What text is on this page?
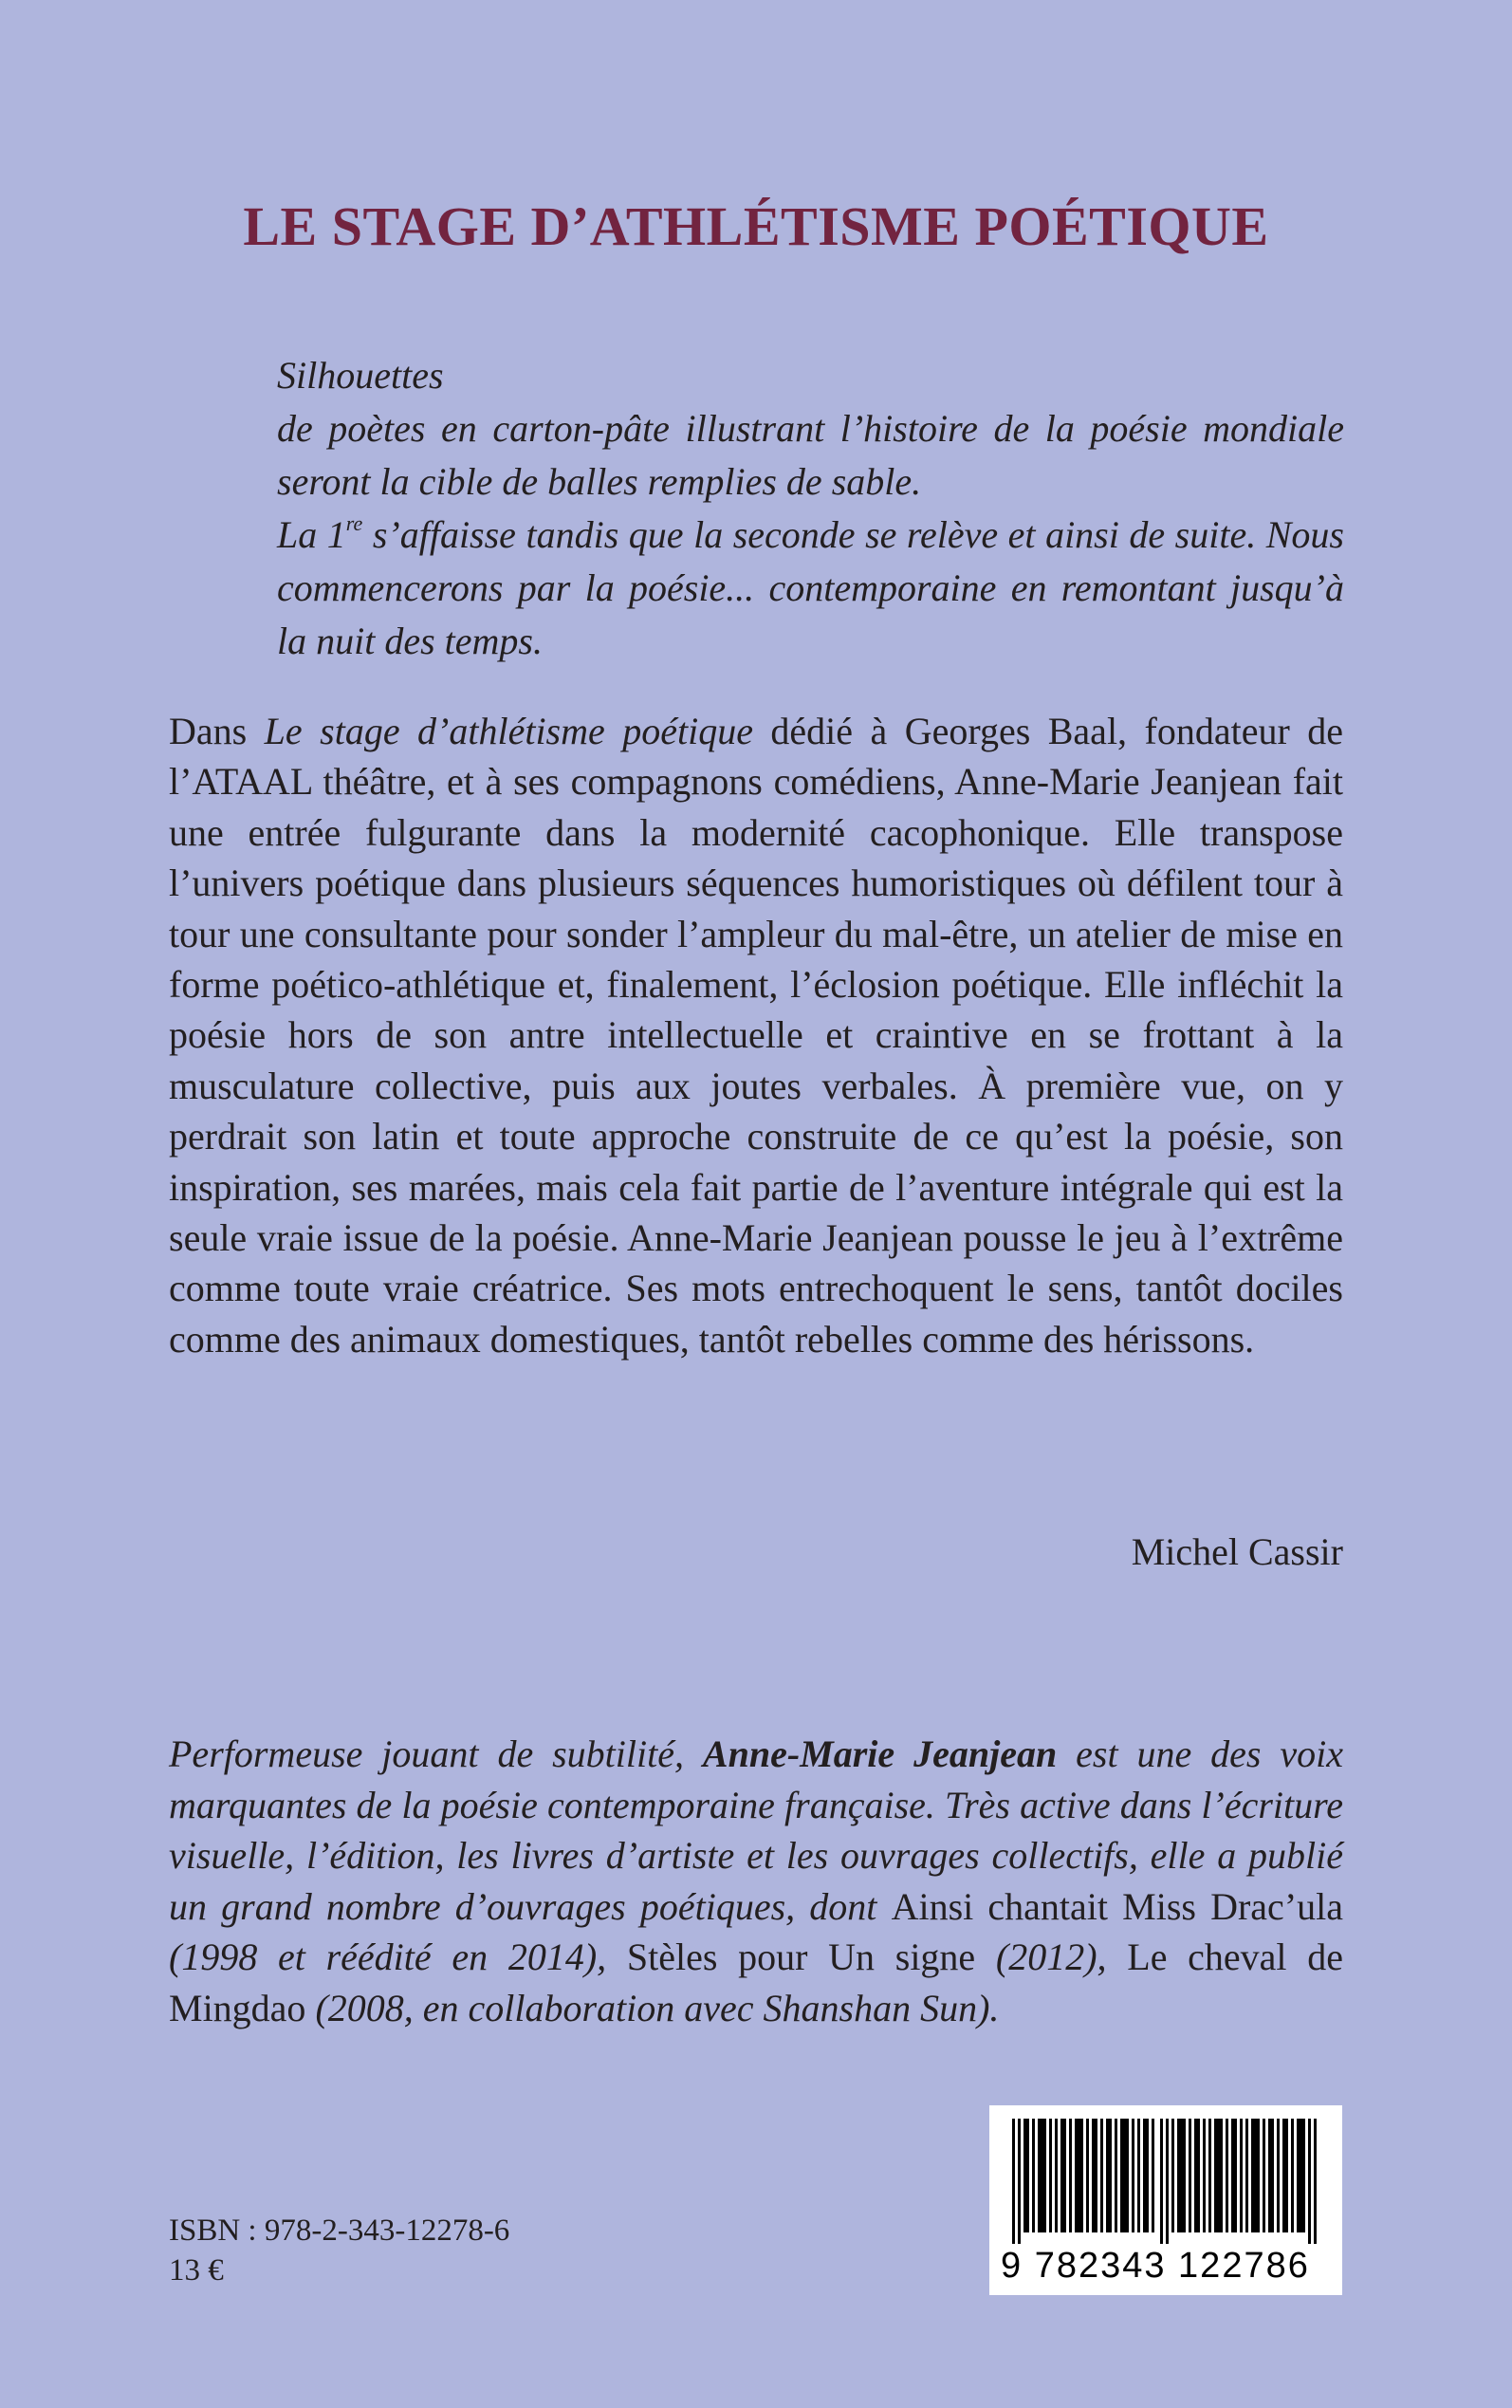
LE STAGE D’ATHLÉTISME POÉTIQUE

Silhouettes

de poètes en carton-pâte illustrant l’histoire de la poésie mondiale seront la cible de balles remplies de sable.

La 1re s’affaisse tandis que la seconde se relève et ainsi de suite. Nous commencerons par la poésie... contemporaine en remontant jusqu’à la nuit des temps.

Dans Le stage d’athlétisme poétique dédié à Georges Baal, fondateur de l’ATAAL théâtre, et à ses compagnons comédiens, Anne-Marie Jeanjean fait une entrée fulgurante dans la modernité cacophonique. Elle transpose l’univers poétique dans plusieurs séquences humoristiques où défilent tour à tour une consultante pour sonder l’ampleur du mal-être, un atelier de mise en forme poético-athlétique et, finalement, l’éclosion poétique. Elle infléchit la poésie hors de son antre intellectuelle et craintive en se frottant à la musculature collective, puis aux joutes verbales. À première vue, on y perdrait son latin et toute approche construite de ce qu’est la poésie, son inspiration, ses marées, mais cela fait partie de l’aventure intégrale qui est la seule vraie issue de la poésie. Anne-Marie Jeanjean pousse le jeu à l’extrême comme toute vraie créatrice. Ses mots entrechoquent le sens, tantôt dociles comme des animaux domestiques, tantôt rebelles comme des hérissons.

Michel Cassir

Performeuse jouant de subtilité, Anne-Marie Jeanjean est une des voix marquantes de la poésie contemporaine française. Très active dans l’écriture visuelle, l’édition, les livres d’artiste et les ouvrages collectifs, elle a publié un grand nombre d’ouvrages poétiques, dont Ainsi chantait Miss Drac’ula (1998 et réédité en 2014), Stèles pour Un signe (2012), Le cheval de Mingdao (2008, en collaboration avec Shanshan Sun).

ISBN : 978-2-343-12278-6
13 €	9 782343 122786
